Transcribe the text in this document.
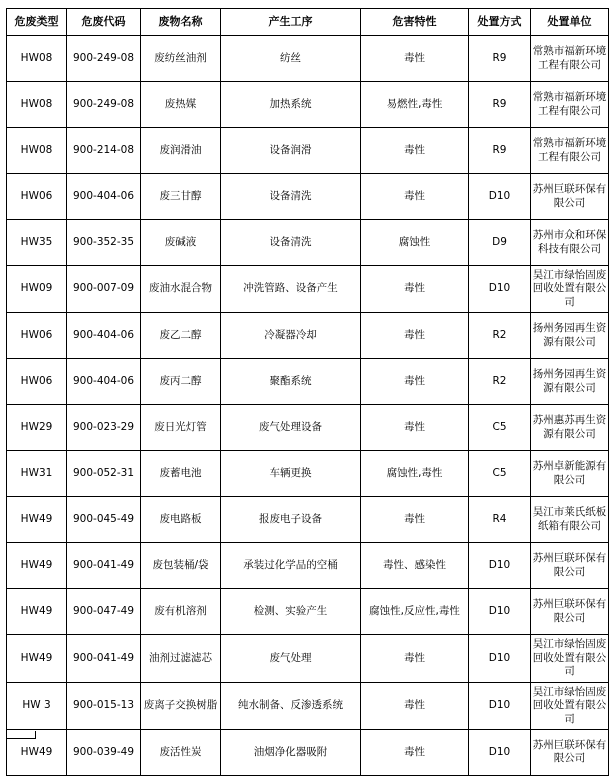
危废类型	危废代码	废物名称	产生工序	危害特性	处置方式	处置单位
HW08	900-249-08	废纺丝油剂	纺丝	毒性	R9	常熟市福新环境工程有限公司
HW08	900-249-08	废热媒	加热系统	易燃性,毒性	R9	常熟市福新环境工程有限公司
HW08	900-214-08	废润滑油	设备润滑	毒性	R9	常熟市福新环境工程有限公司
HW06	900-404-06	废三甘醇	设备清洗	毒性	D10	苏州巨联环保有限公司
HW35	900-352-35	废碱液	设备清洗	腐蚀性	D9	苏州市众和环保科技有限公司
HW09	900-007-09	废油水混合物	冲洗管路、设备产生	毒性	D10	昊江市绿怡固废回收处置有限公司
HW06	900-404-06	废乙二醇	冷凝器冷却	毒性	R2	扬州务园再生资源有限公司
HW06	900-404-06	废丙二醇	聚酯系统	毒性	R2	扬州务园再生资源有限公司
HW29	900-023-29	废日光灯管	废气处理设备	毒性	C5	苏州惠苏再生资源有限公司
HW31	900-052-31	废蓄电池	车辆更换	腐蚀性,毒性	C5	苏州卓新能源有限公司
HW49	900-045-49	废电路板	报废电子设备	毒性	R4	昊江市莱氏纸板纸箱有限公司
HW49	900-041-49	废包装桶/袋	承装过化学品的空桶	毒性、感染性	D10	苏州巨联环保有限公司
HW49	900-047-49	废有机溶剂	检测、实验产生	腐蚀性,反应性,毒性	D10	苏州巨联环保有限公司
HW49	900-041-49	油剂过滤滤芯	废气处理	毒性	D10	昊江市绿怡固废回收处置有限公司
HW 3	900-015-13	废离子交换树脂	纯水制备、反渗透系统	毒性	D10	昊江市绿怡固废回收处置有限公司
HW49	900-039-49	废活性炭	油烟净化器吸附	毒性	D10	苏州巨联环保有限公司
